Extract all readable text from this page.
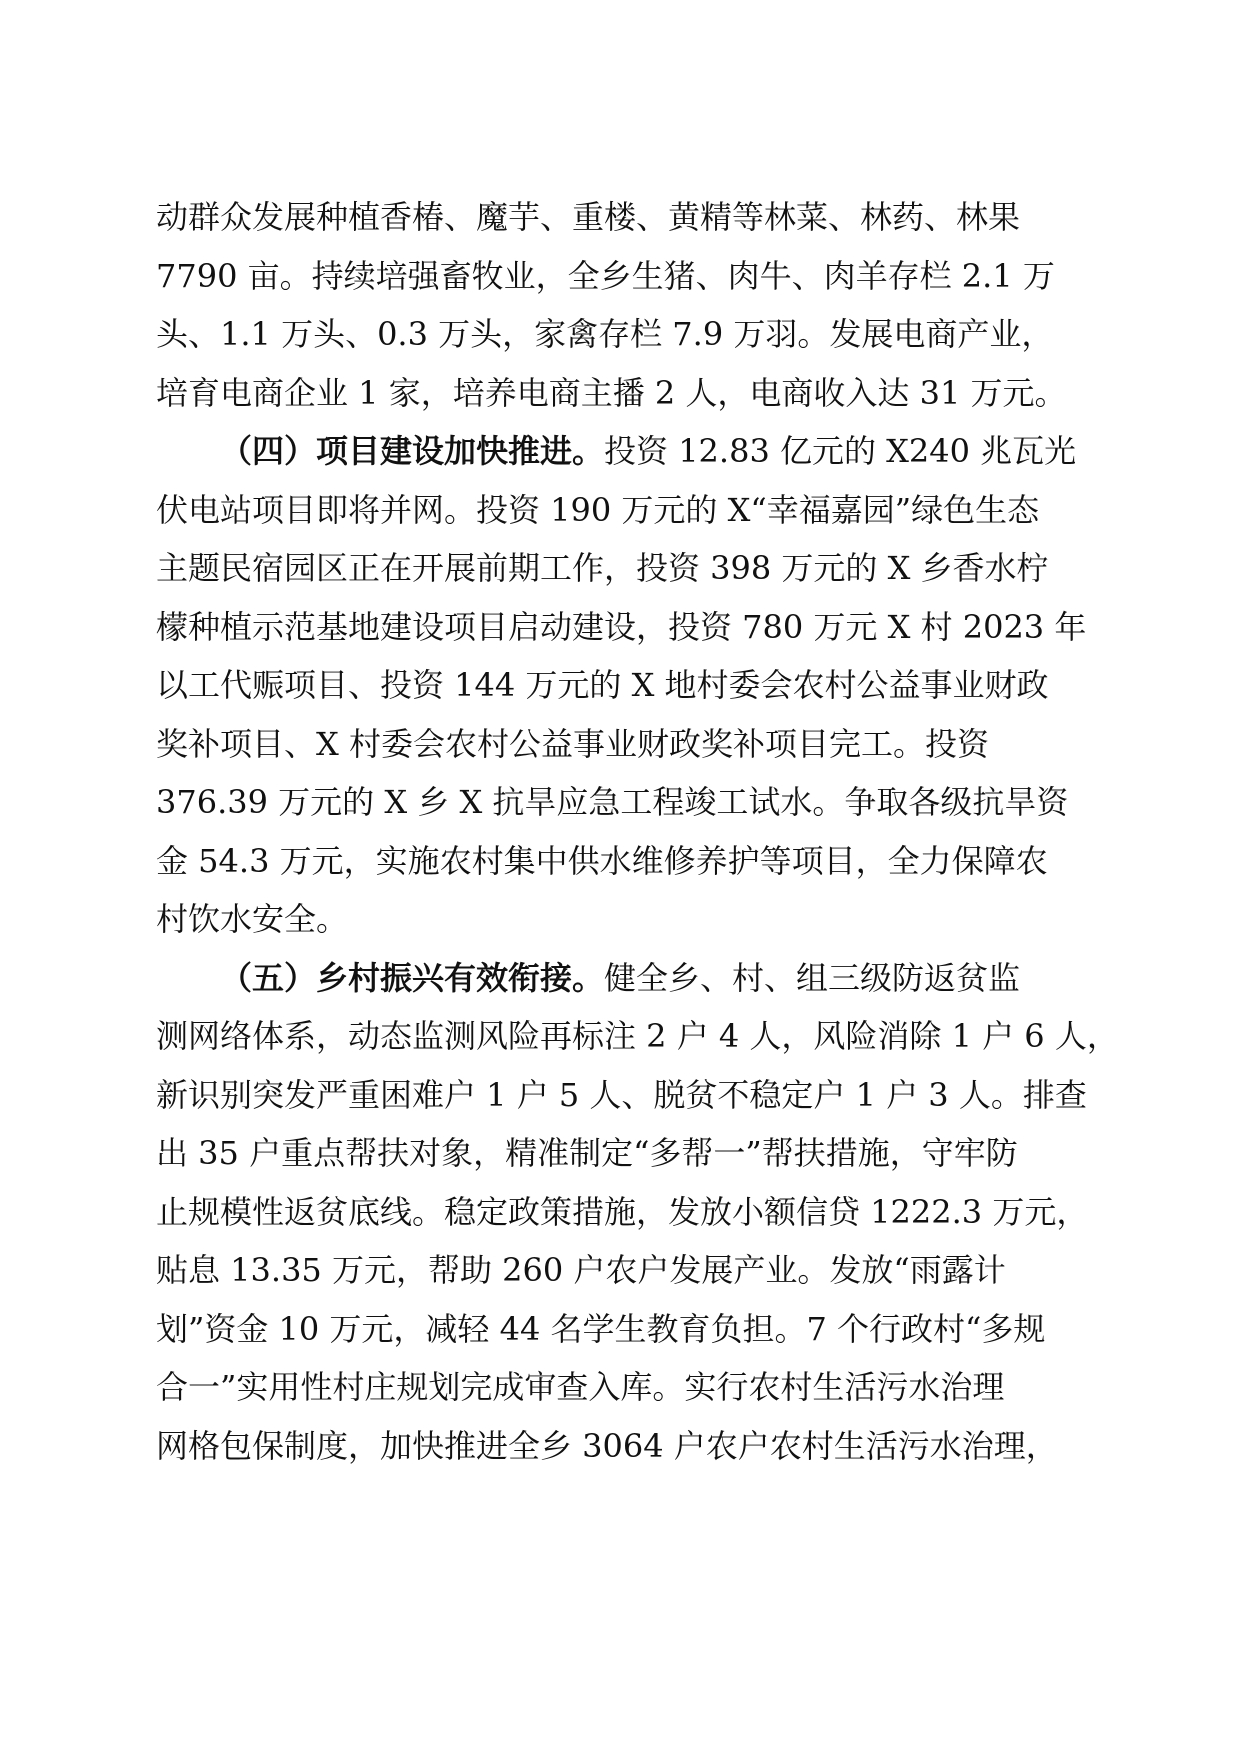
动群众发展种植香椿、魔芋、重楼、黄精等林菜、林药、林果
7790 亩。持续培强畜牧业，全乡生猪、肉牛、肉羊存栏 2.1 万
头、1.1 万头、0.3 万头，家禽存栏 7.9 万羽。发展电商产业，
培育电商企业 1 家，培养电商主播 2 人，电商收入达 31 万元。
（四）项目建设加快推进。投资 12.83 亿元的 X240 兆瓦光
伏电站项目即将并网。投资 190 万元的 X“幸福嘉园”绿色生态
主题民宿园区正在开展前期工作，投资 398 万元的 X 乡香水柠
檬种植示范基地建设项目启动建设，投资 780 万元 X 村 2023 年
以工代赈项目、投资 144 万元的 X 地村委会农村公益事业财政
奖补项目、X 村委会农村公益事业财政奖补项目完工。投资
376.39 万元的 X 乡 X 抗旱应急工程竣工试水。争取各级抗旱资
金 54.3 万元，实施农村集中供水维修养护等项目，全力保障农
村饮水安全。
（五）乡村振兴有效衔接。健全乡、村、组三级防返贫监
测网络体系，动态监测风险再标注 2 户 4 人，风险消除 1 户 6 人，
新识别突发严重困难户 1 户 5 人、脱贫不稳定户 1 户 3 人。排查
出 35 户重点帮扶对象，精准制定“多帮一”帮扶措施，守牢防
止规模性返贫底线。稳定政策措施，发放小额信贷 1222.3 万元，
贴息 13.35 万元，帮助 260 户农户发展产业。发放“雨露计
划”资金 10 万元，减轻 44 名学生教育负担。7 个行政村“多规
合一”实用性村庄规划完成审查入库。实行农村生活污水治理
网格包保制度，加快推进全乡 3064 户农户农村生活污水治理，
